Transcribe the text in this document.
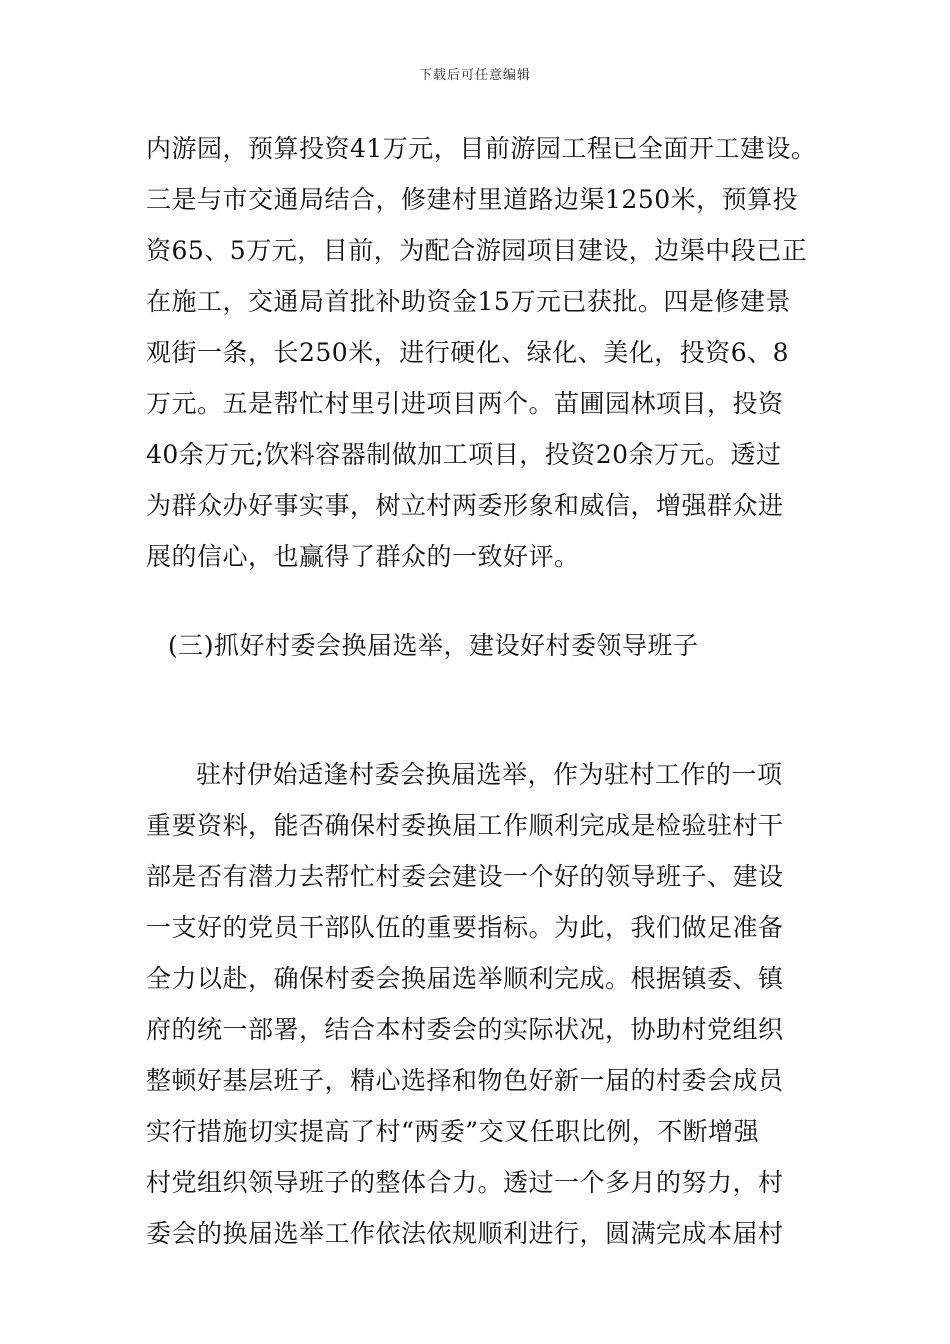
下载后可任意编辑
内游园，预算投资41万元，目前游园工程已全面开工建设。
三是与市交通局结合，修建村里道路边渠1250米，预算投
资65、5万元，目前，为配合游园项目建设，边渠中段已正
在施工，交通局首批补助资金15万元已获批。四是修建景
观街一条，长250米，进行硬化、绿化、美化，投资6、8
万元。五是帮忙村里引进项目两个。苗圃园林项目，投资
40余万元;饮料容器制做加工项目，投资20余万元。透过
为群众办好事实事，树立村两委形象和威信，增强群众进
展的信心，也赢得了群众的一致好评。
(三)抓好村委会换届选举，建设好村委领导班子
驻村伊始适逢村委会换届选举，作为驻村工作的一项
重要资料，能否确保村委换届工作顺利完成是检验驻村干
部是否有潜力去帮忙村委会建设一个好的领导班子、建设
一支好的党员干部队伍的重要指标。为此，我们做足准备
全力以赴，确保村委会换届选举顺利完成。根据镇委、镇
府的统一部署，结合本村委会的实际状况，协助村党组织
整顿好基层班子，精心选择和物色好新一届的村委会成员
实行措施切实提高了村“两委”交叉任职比例，不断增强
村党组织领导班子的整体合力。透过一个多月的努力，村
委会的换届选举工作依法依规顺利进行，圆满完成本届村
